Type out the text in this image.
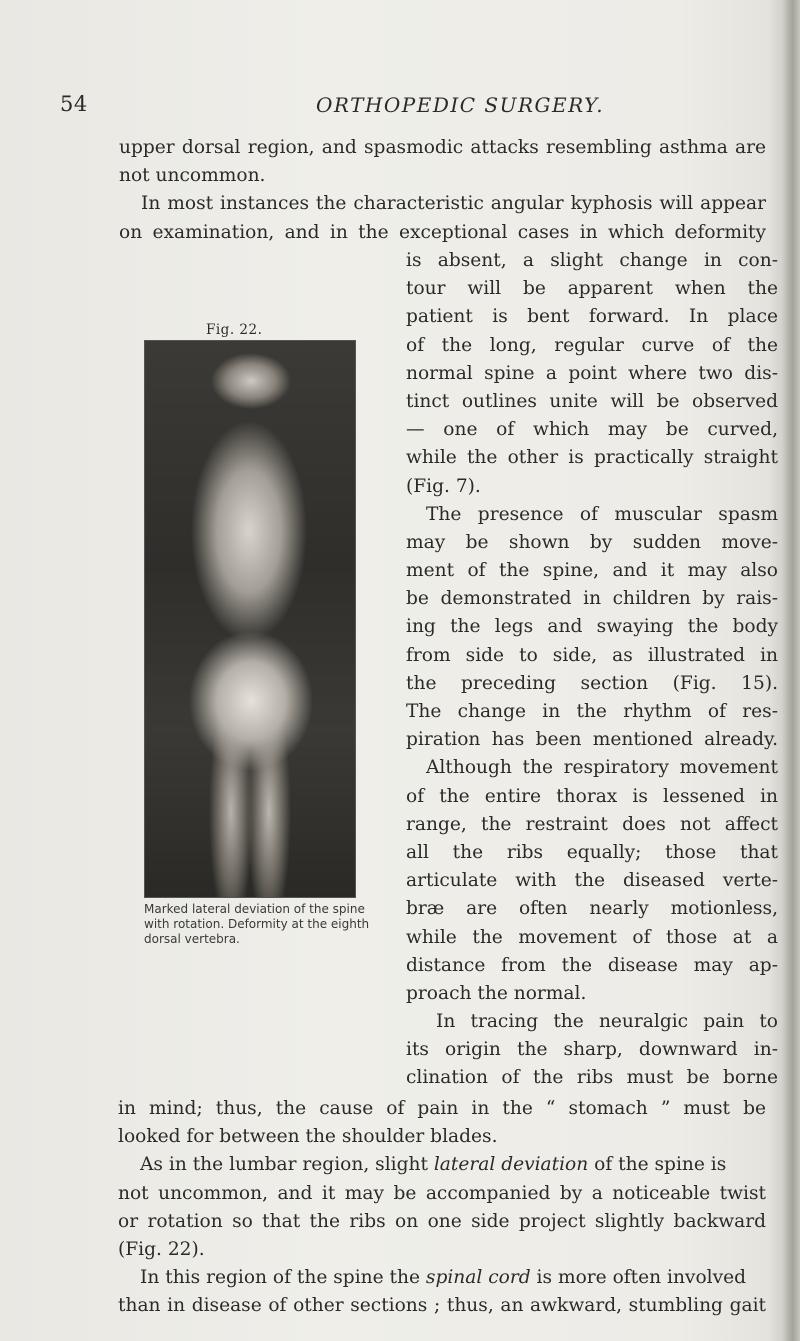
54	ORTHOPEDIC SURGERY.
upper dorsal region, and spasmodic attacks resembling asthma are
not uncommon.
In most instances the characteristic angular kyphosis will appear
on examination, and in the exceptional cases in which deformity
Fig. 22.
Marked lateral deviation of the spine
with rotation. Deformity at the eighth
dorsal vertebra.
is absent, a slight change in con-
tour will be apparent when the
patient is bent forward. In place
of the long, regular curve of the
normal spine a point where two dis-
tinct outlines unite will be observed
— one of which may be curved,
while the other is practically straight
(Fig. 7).
The presence of muscular spasm
may be shown by sudden move-
ment of the spine, and it may also
be demonstrated in children by rais-
ing the legs and swaying the body
from side to side, as illustrated in
the preceding section (Fig. 15).
The change in the rhythm of res-
piration has been mentioned already.
Although the respiratory movement
of the entire thorax is lessened in
range, the restraint does not affect
all the ribs equally; those that
articulate with the diseased verte-
bræ are often nearly motionless,
while the movement of those at a
distance from the disease may ap-
proach the normal.
In tracing the neuralgic pain to
its origin the sharp, downward in-
clination of the ribs must be borne
in mind; thus, the cause of pain in the “ stomach ” must be
looked for between the shoulder blades.
As in the lumbar region, slight lateral deviation of the spine is
not uncommon, and it may be accompanied by a noticeable twist
or rotation so that the ribs on one side project slightly backward
(Fig. 22).
In this region of the spine the spinal cord is more often involved
than in disease of other sections ; thus, an awkward, stumbling gait
